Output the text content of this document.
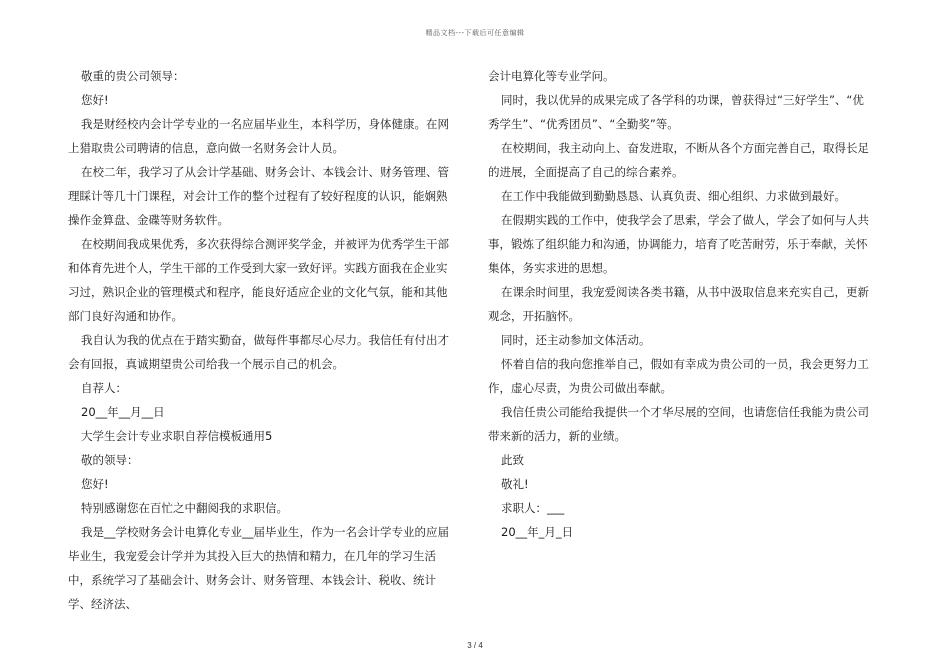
精品文档---下载后可任意编辑

敬重的贵公司领导：

您好!

我是财经校内会计学专业的一名应届毕业生，本科学历，身体健康。在网上猎取贵公司聘请的信息，意向做一名财务会计人员。

在校二年，我学习了从会计学基础、财务会计、本钱会计、财务管理、管理睬计等几十门课程，对会计工作的整个过程有了较好程度的认识，能娴熟操作金算盘、金碟等财务软件。

在校期间我成果优秀，多次获得综合测评奖学金，并被评为优秀学生干部和体育先进个人，学生干部的工作受到大家一致好评。实践方面我在企业实习过，熟识企业的管理模式和程序，能良好适应企业的文化气氛，能和其他部门良好沟通和协作。

我自认为我的优点在于踏实勤奋，做每件事都尽心尽力。我信任有付出才会有回报，真诚期望贵公司给我一个展示自己的机会。

自荐人：

20__年__月__日

大学生会计专业求职自荐信模板通用5

敬的领导：

您好!

特别感谢您在百忙之中翻阅我的求职信。

我是__学校财务会计电算化专业__届毕业生，作为一名会计学专业的应届毕业生，我宠爱会计学并为其投入巨大的热情和精力，在几年的学习生活中，系统学习了基础会计、财务会计、财务管理、本钱会计、税收、统计学、经济法、

会计电算化等专业学问。

同时，我以优异的成果完成了各学科的功课，曾获得过“三好学生”、“优秀学生”、“优秀团员”、“全勤奖”等。

在校期间，我主动向上、奋发进取，不断从各个方面完善自己，取得长足的进展，全面提高了自己的综合素养。

在工作中我能做到勤勤恳恳、认真负责、细心组织、力求做到最好。

在假期实践的工作中，使我学会了思索，学会了做人，学会了如何与人共事，锻炼了组织能力和沟通，协调能力，培育了吃苦耐劳，乐于奉献，关怀集体，务实求进的思想。

在课余时间里，我宠爱阅读各类书籍，从书中汲取信息来充实自己，更新观念，开拓脑怀。

同时，还主动参加文体活动。

怀着自信的我向您推举自己，假如有幸成为贵公司的一员，我会更努力工作，虚心尽责，为贵公司做出奉献。

我信任贵公司能给我提供一个才华尽展的空间，也请您信任我能为贵公司带来新的活力，新的业绩。

此致

敬礼!

求职人：___

20__年_月_日

3 / 4
